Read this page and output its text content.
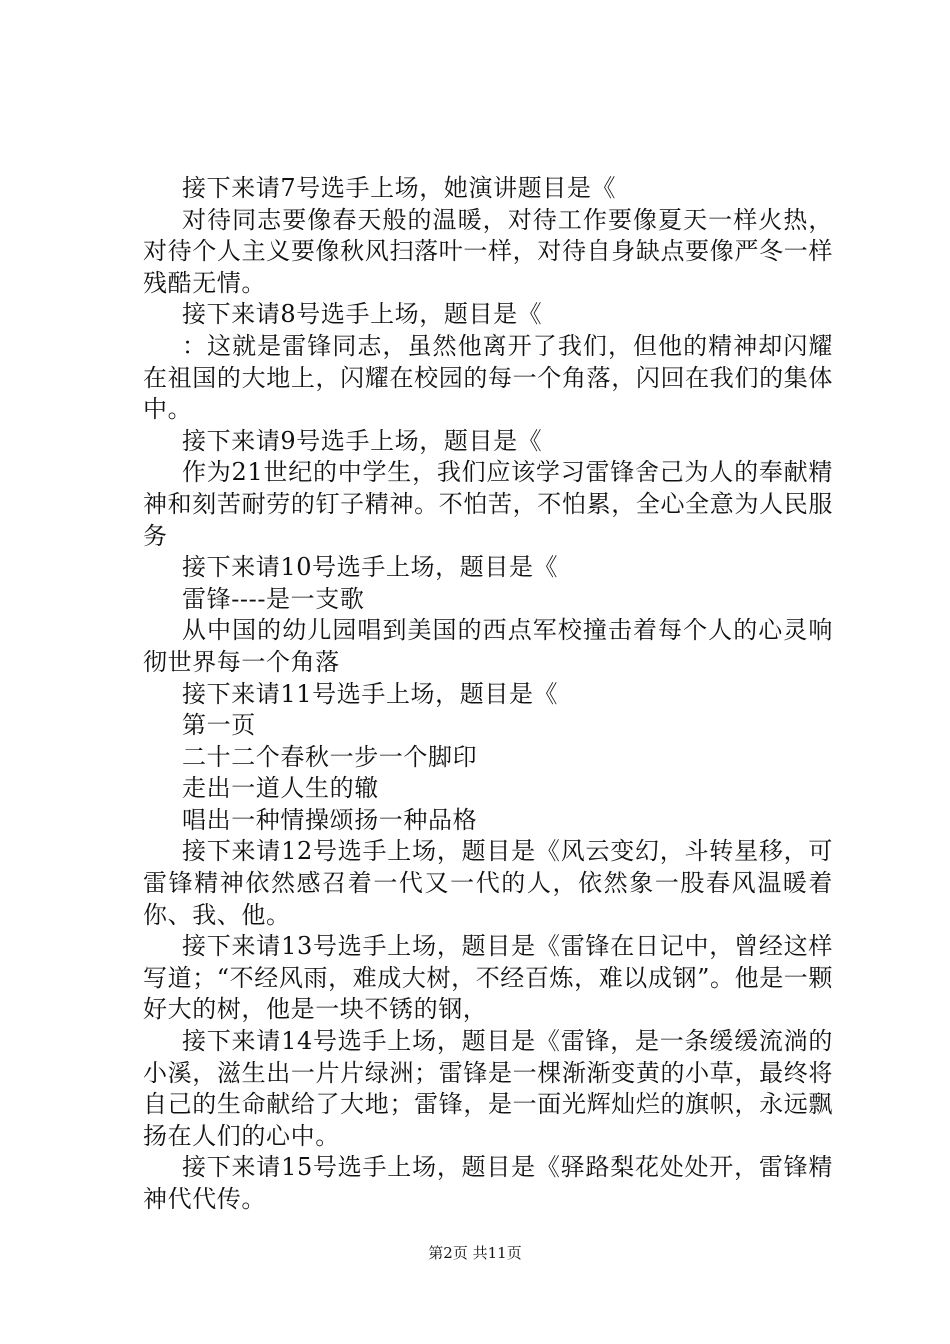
接下来请7号选手上场，她演讲题目是《

对待同志要像春天般的温暖，对待工作要像夏天一样火热，对待个人主义要像秋风扫落叶一样，对待自身缺点要像严冬一样残酷无情。

接下来请8号选手上场，题目是《

：这就是雷锋同志，虽然他离开了我们，但他的精神却闪耀在祖国的大地上，闪耀在校园的每一个角落，闪回在我们的集体中。

接下来请9号选手上场，题目是《

作为21世纪的中学生，我们应该学习雷锋舍己为人的奉献精神和刻苦耐劳的钉子精神。不怕苦，不怕累，全心全意为人民服务

接下来请10号选手上场，题目是《

雷锋----是一支歌

从中国的幼儿园唱到美国的西点军校撞击着每个人的心灵响彻世界每一个角落

接下来请11号选手上场，题目是《

第一页

二十二个春秋一步一个脚印

走出一道人生的辙

唱出一种情操颂扬一种品格

接下来请12号选手上场，题目是《风云变幻，斗转星移，可雷锋精神依然感召着一代又一代的人，依然象一股春风温暖着你、我、他。

接下来请13号选手上场，题目是《雷锋在日记中，曾经这样写道；“不经风雨，难成大树，不经百炼，难以成钢”。他是一颗好大的树，他是一块不锈的钢，

接下来请14号选手上场，题目是《雷锋，是一条缓缓流淌的小溪，滋生出一片片绿洲；雷锋是一棵渐渐变黄的小草，最终将自己的生命献给了大地；雷锋，是一面光辉灿烂的旗帜，永远飘扬在人们的心中。

接下来请15号选手上场，题目是《驿路梨花处处开，雷锋精神代代传。

第2页 共11页
